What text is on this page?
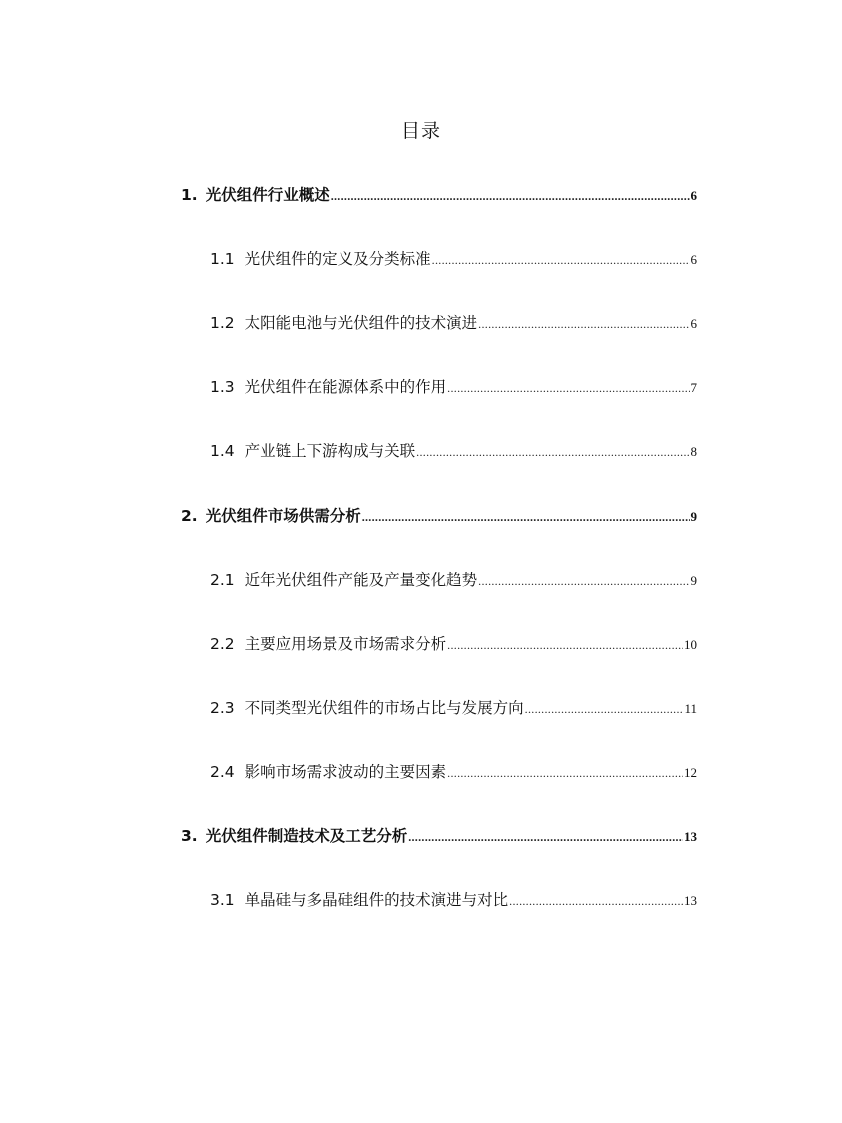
目录
1. 光伏组件行业概述 .....	6
1.1 光伏组件的定义及分类标准 .....	6
1.2 太阳能电池与光伏组件的技术演进 .....	6
1.3 光伏组件在能源体系中的作用 .....	7
1.4 产业链上下游构成与关联 .....	8
2. 光伏组件市场供需分析 .....	9
2.1 近年光伏组件产能及产量变化趋势 .....	9
2.2 主要应用场景及市场需求分析 .....	10
2.3 不同类型光伏组件的市场占比与发展方向 .....	11
2.4 影响市场需求波动的主要因素 .....	12
3. 光伏组件制造技术及工艺分析 .....	13
3.1 单晶硅与多晶硅组件的技术演进与对比 .....	13
